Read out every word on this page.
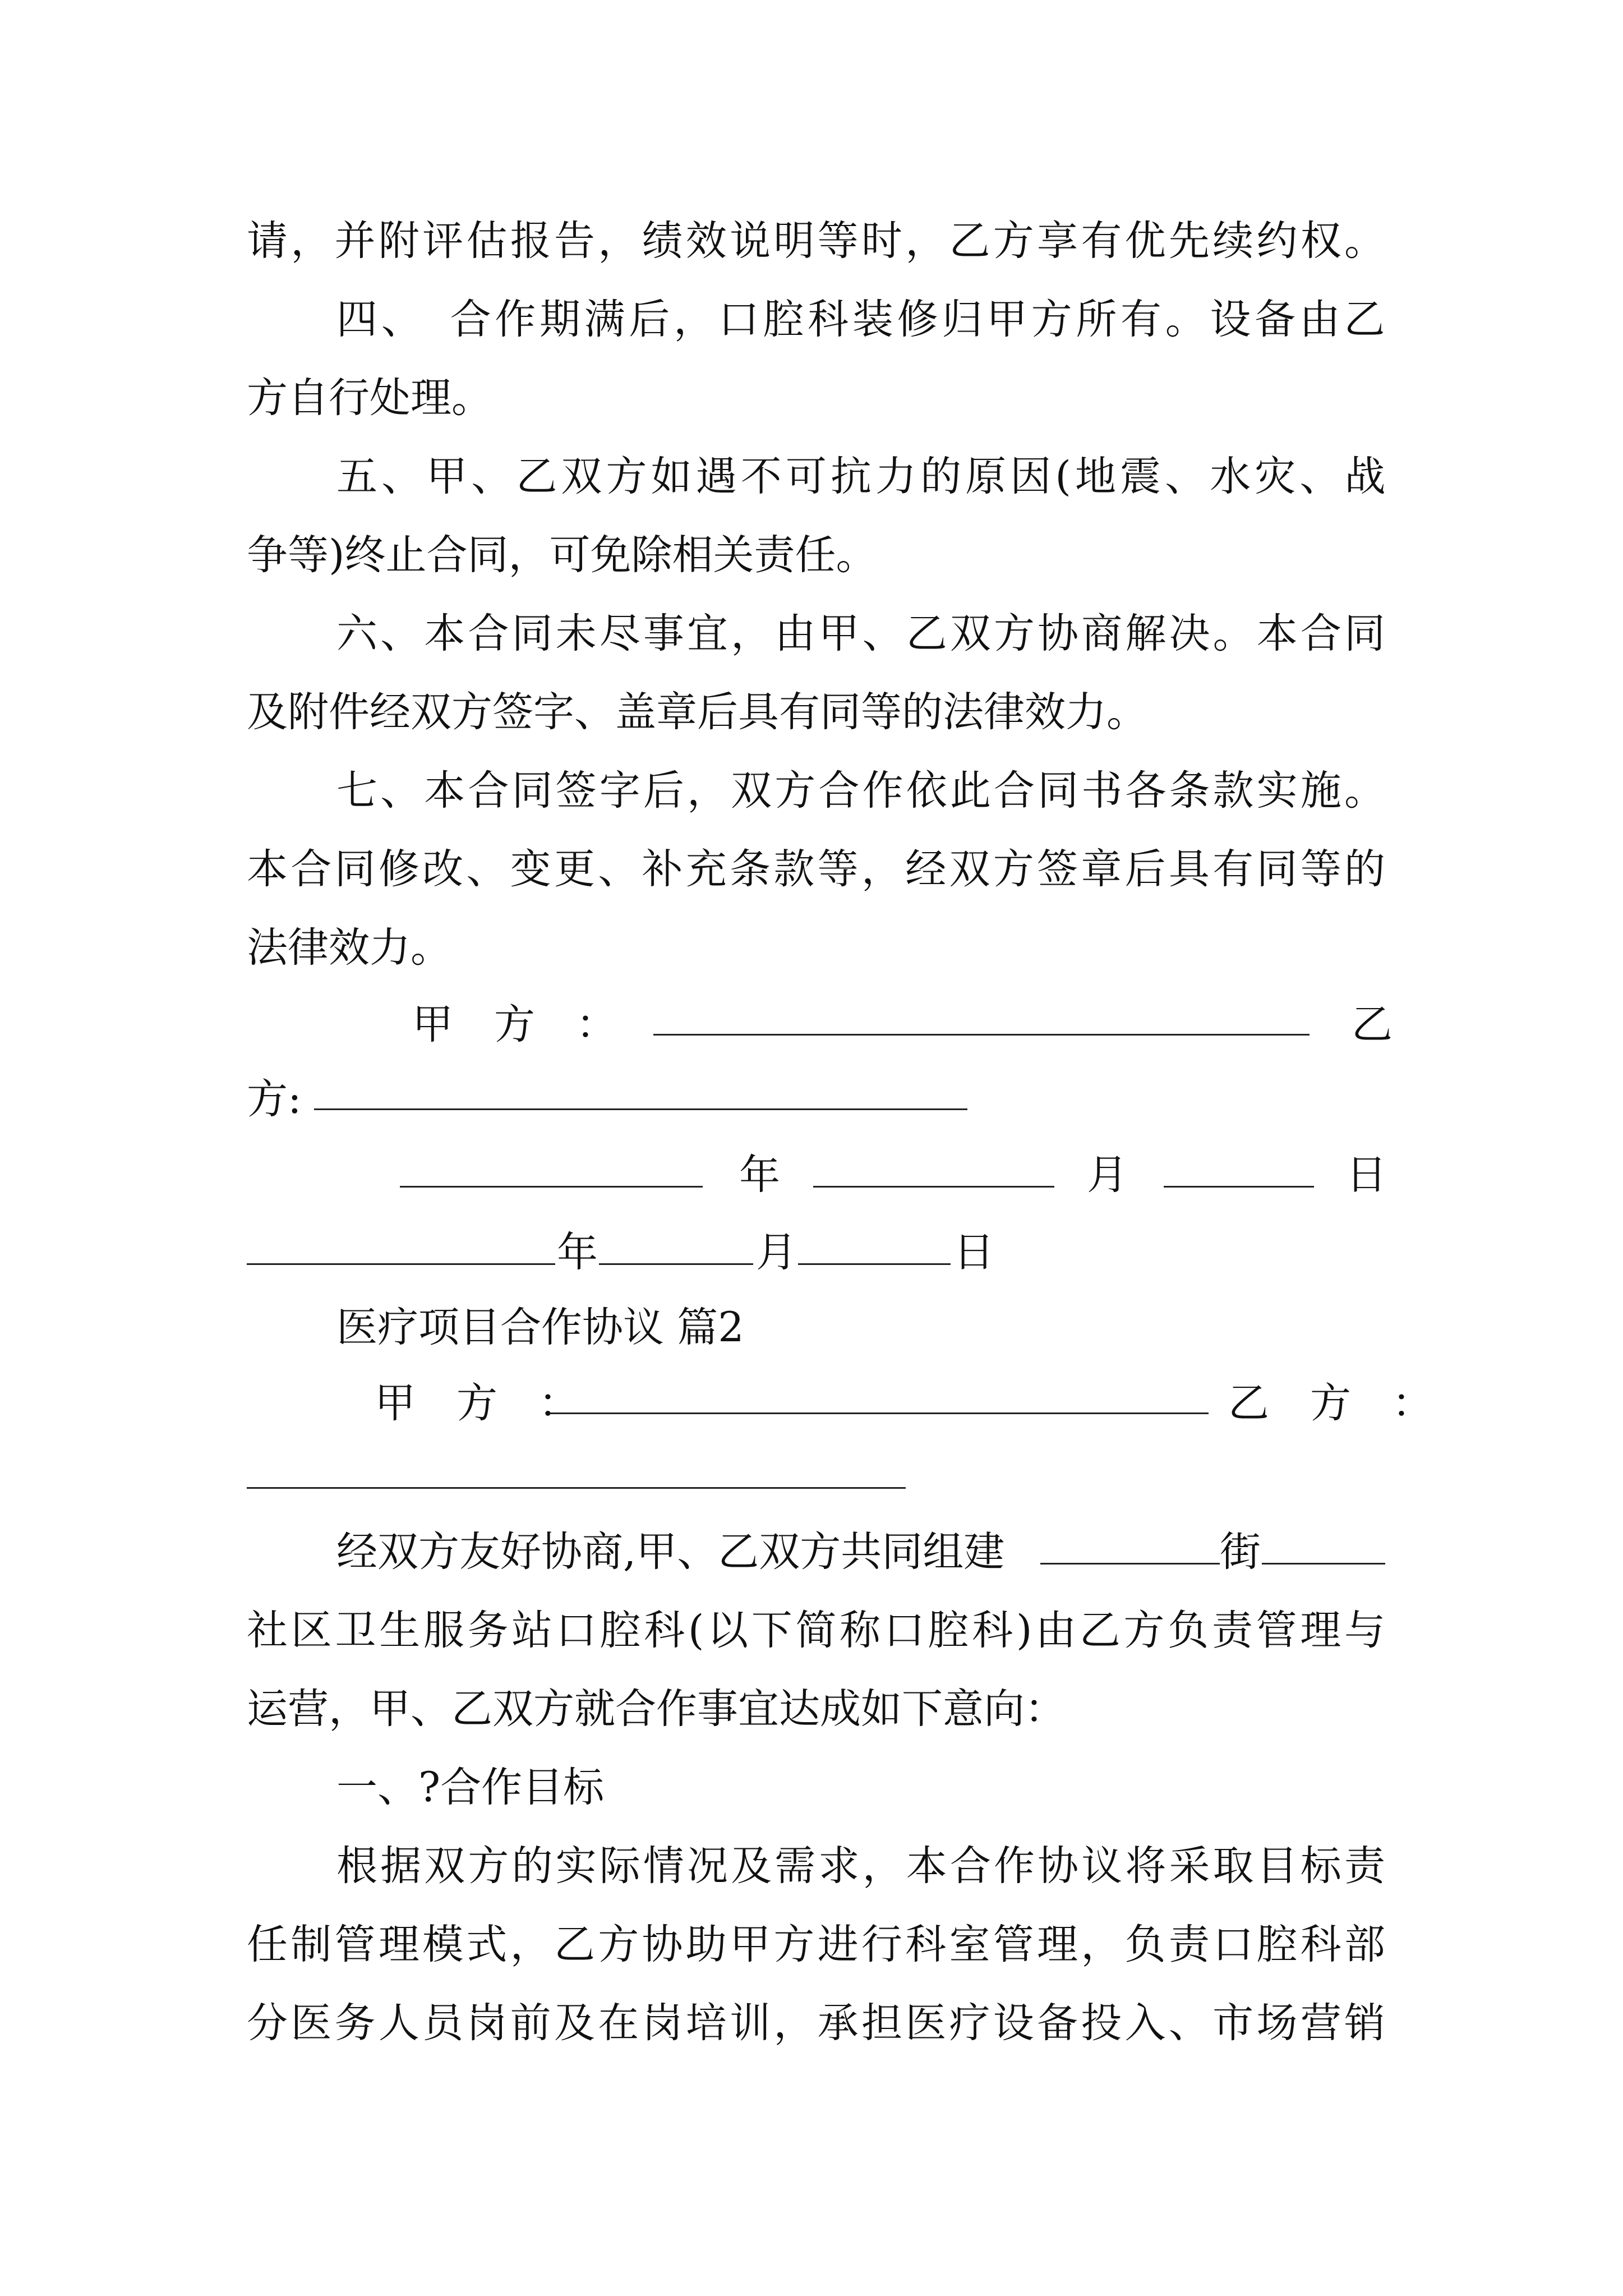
请，并附评估报告，绩效说明等时，乙方享有优先续约权。
四、　合作期满后，口腔科装修归甲方所有。设备由乙
方自行处理。
五、甲、乙双方如遇不可抗力的原因(地震、水灾、战
争等)终止合同，可免除相关责任。
六、本合同未尽事宜，由甲、乙双方协商解决。本合同
及附件经双方签字、盖章后具有同等的法律效力。
七、本合同签字后，双方合作依此合同书各条款实施。
本合同修改、变更、补充条款等，经双方签章后具有同等的
法律效力。
甲　方　：	乙
方:
年	月	日
年	月	日
医疗项目合作协议 篇2
甲　方　：	乙　方　：
经双方友好协商,甲、乙双方共同组建	街
社区卫生服务站口腔科(以下简称口腔科)由乙方负责管理与
运营，甲、乙双方就合作事宜达成如下意向：
一、?合作目标
根据双方的实际情况及需求，本合作协议将采取目标责
任制管理模式，乙方协助甲方进行科室管理，负责口腔科部
分医务人员岗前及在岗培训，承担医疗设备投入、市场营销
